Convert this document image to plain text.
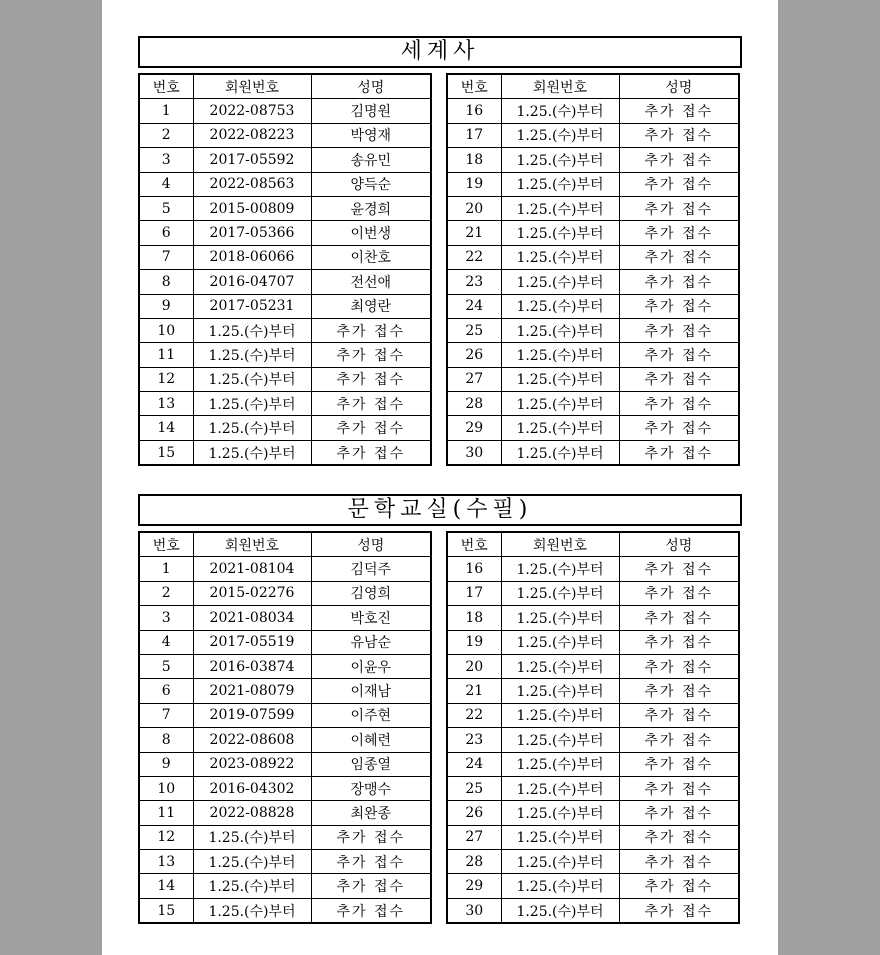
세계사
번호	회원번호	성명
1	2022-08753	김명원
2	2022-08223	박영재
3	2017-05592	송유민
4	2022-08563	양득순
5	2015-00809	윤경희
6	2017-05366	이번생
7	2018-06066	이찬호
8	2016-04707	전선애
9	2017-05231	최영란
10	1.25.(수)부터	추가 접수
11	1.25.(수)부터	추가 접수
12	1.25.(수)부터	추가 접수
13	1.25.(수)부터	추가 접수
14	1.25.(수)부터	추가 접수
15	1.25.(수)부터	추가 접수
번호	회원번호	성명
16	1.25.(수)부터	추가 접수
17	1.25.(수)부터	추가 접수
18	1.25.(수)부터	추가 접수
19	1.25.(수)부터	추가 접수
20	1.25.(수)부터	추가 접수
21	1.25.(수)부터	추가 접수
22	1.25.(수)부터	추가 접수
23	1.25.(수)부터	추가 접수
24	1.25.(수)부터	추가 접수
25	1.25.(수)부터	추가 접수
26	1.25.(수)부터	추가 접수
27	1.25.(수)부터	추가 접수
28	1.25.(수)부터	추가 접수
29	1.25.(수)부터	추가 접수
30	1.25.(수)부터	추가 접수
문학교실(수필)
번호	회원번호	성명
1	2021-08104	김덕주
2	2015-02276	김영희
3	2021-08034	박호진
4	2017-05519	유남순
5	2016-03874	이윤우
6	2021-08079	이재남
7	2019-07599	이주현
8	2022-08608	이혜련
9	2023-08922	임종열
10	2016-04302	장맹수
11	2022-08828	최완종
12	1.25.(수)부터	추가 접수
13	1.25.(수)부터	추가 접수
14	1.25.(수)부터	추가 접수
15	1.25.(수)부터	추가 접수
번호	회원번호	성명
16	1.25.(수)부터	추가 접수
17	1.25.(수)부터	추가 접수
18	1.25.(수)부터	추가 접수
19	1.25.(수)부터	추가 접수
20	1.25.(수)부터	추가 접수
21	1.25.(수)부터	추가 접수
22	1.25.(수)부터	추가 접수
23	1.25.(수)부터	추가 접수
24	1.25.(수)부터	추가 접수
25	1.25.(수)부터	추가 접수
26	1.25.(수)부터	추가 접수
27	1.25.(수)부터	추가 접수
28	1.25.(수)부터	추가 접수
29	1.25.(수)부터	추가 접수
30	1.25.(수)부터	추가 접수
